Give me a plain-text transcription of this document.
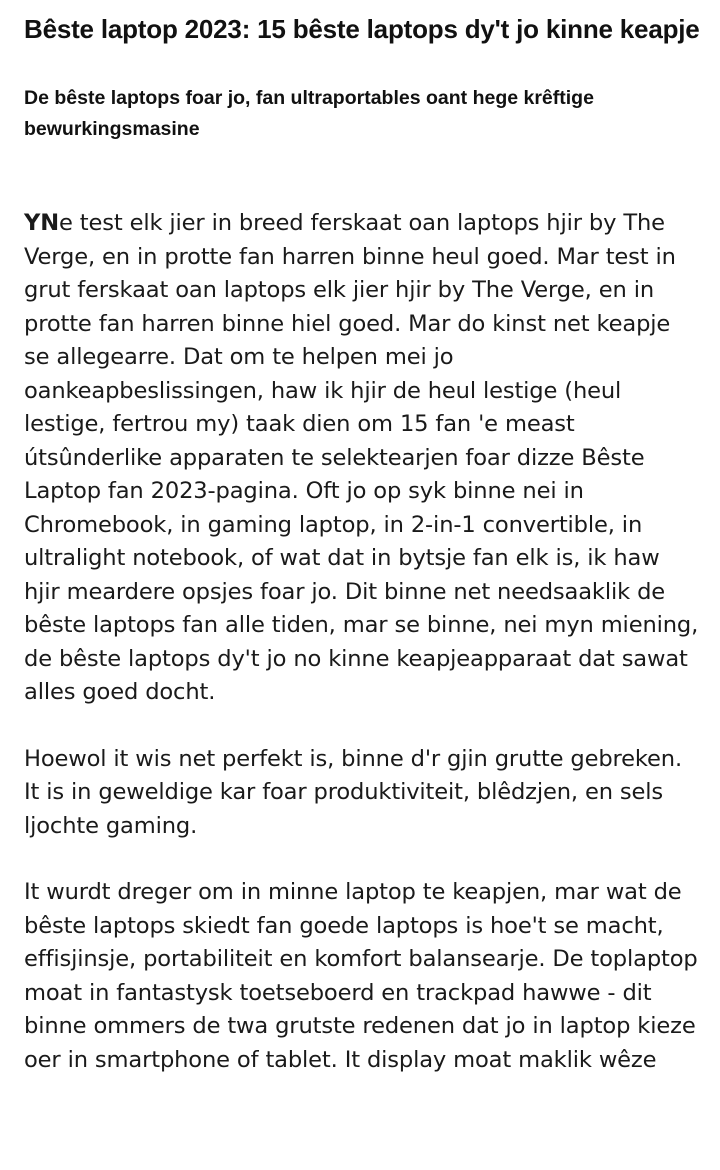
Bêste laptop 2023: 15 bêste laptops dy't jo kinne keapje
De bêste laptops foar jo, fan ultraportables oant hege krêftige bewurkingsmasine

YNe test elk jier in breed ferskaat oan laptops hjir by The Verge, en in protte fan harren binne heul goed. Mar test in grut ferskaat oan laptops elk jier hjir by The Verge, en in protte fan harren binne hiel goed. Mar do kinst net keapje se allegearre. Dat om te helpen mei jo oankeapbeslissingen, haw ik hjir de heul lestige (heul lestige, fertrou my) taak dien om 15 fan 'e meast útsûnderlike apparaten te selektearjen foar dizze Bêste Laptop fan 2023-pagina. Oft jo op syk binne nei in Chromebook, in gaming laptop, in 2-in-1 convertible, in ultralight notebook, of wat dat in bytsje fan elk is, ik haw hjir meardere opsjes foar jo. Dit binne net needsaaklik de bêste laptops fan alle tiden, mar se binne, nei myn miening, de bêste laptops dy't jo no kinne keapjeapparaat dat sawat alles goed docht.

Hoewol it wis net perfekt is, binne d'r gjin grutte gebreken. It is in geweldige kar foar produktiviteit, blêdzjen, en sels ljochte gaming.

It wurdt dreger om in minne laptop te keapjen, mar wat de bêste laptops skiedt fan goede laptops is hoe't se macht, effisjinsje, portabiliteit en komfort balansearje. De toplaptop moat in fantastysk toetseboerd en trackpad hawwe - dit binne ommers de twa grutste redenen dat jo in laptop kieze oer in smartphone of tablet. It display moat maklik wêze
